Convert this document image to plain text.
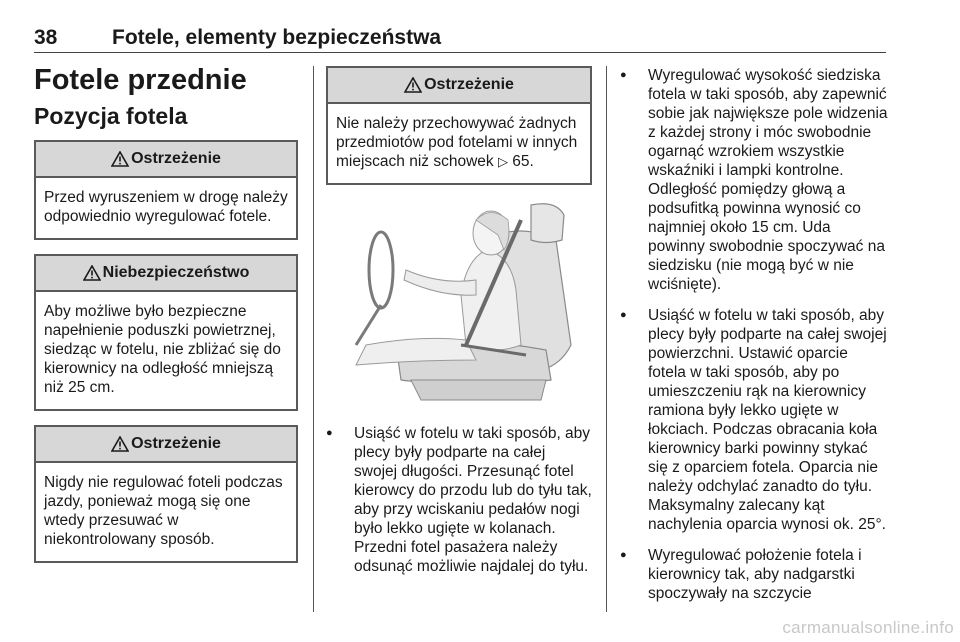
38	Fotele, elementy bezpieczeństwa
Fotele przednie
Pozycja fotela
Ostrzeżenie
Przed wyruszeniem w drogę należy odpowiednio wyregulować fotele.
Niebezpieczeństwo
Aby możliwe było bezpieczne napełnienie poduszki powietrznej, siedząc w fotelu, nie zbliżać się do kierownicy na odległość mniejszą niż 25 cm.
Ostrzeżenie
Nigdy nie regulować foteli podczas jazdy, ponieważ mogą się one wtedy przesuwać w niekontrolowany sposób.
Ostrzeżenie
Nie należy przechowywać żadnych przedmiotów pod fotelami w innych miejscach niż schowek ▷ 65.
● Usiąść w fotelu w taki sposób, aby plecy były podparte na całej swojej długości. Przesunąć fotel kierowcy do przodu lub do tyłu tak, aby przy wciskaniu pedałów nogi było lekko ugięte w kolanach. Przedni fotel pasażera należy odsunąć możliwie najdalej do tyłu.
● Wyregulować wysokość siedziska fotela w taki sposób, aby zapewnić sobie jak największe pole widzenia z każdej strony i móc swobodnie ogarnąć wzrokiem wszystkie wskaźniki i lampki kontrolne. Odległość pomiędzy głową a podsufitką powinna wynosić co najmniej około 15 cm. Uda powinny swobodnie spoczywać na siedzisku (nie mogą być w nie wciśnięte).
● Usiąść w fotelu w taki sposób, aby plecy były podparte na całej swojej powierzchni. Ustawić oparcie fotela w taki sposób, aby po umieszczeniu rąk na kierownicy ramiona były lekko ugięte w łokciach. Podczas obracania koła kierownicy barki powinny stykać się z oparciem fotela. Oparcia nie należy odchylać zanadto do tyłu. Maksymalny zalecany kąt nachylenia oparcia wynosi ok. 25°.
● Wyregulować położenie fotela i kierownicy tak, aby nadgarstki spoczywały na szczycie
carmanualsonline.info
